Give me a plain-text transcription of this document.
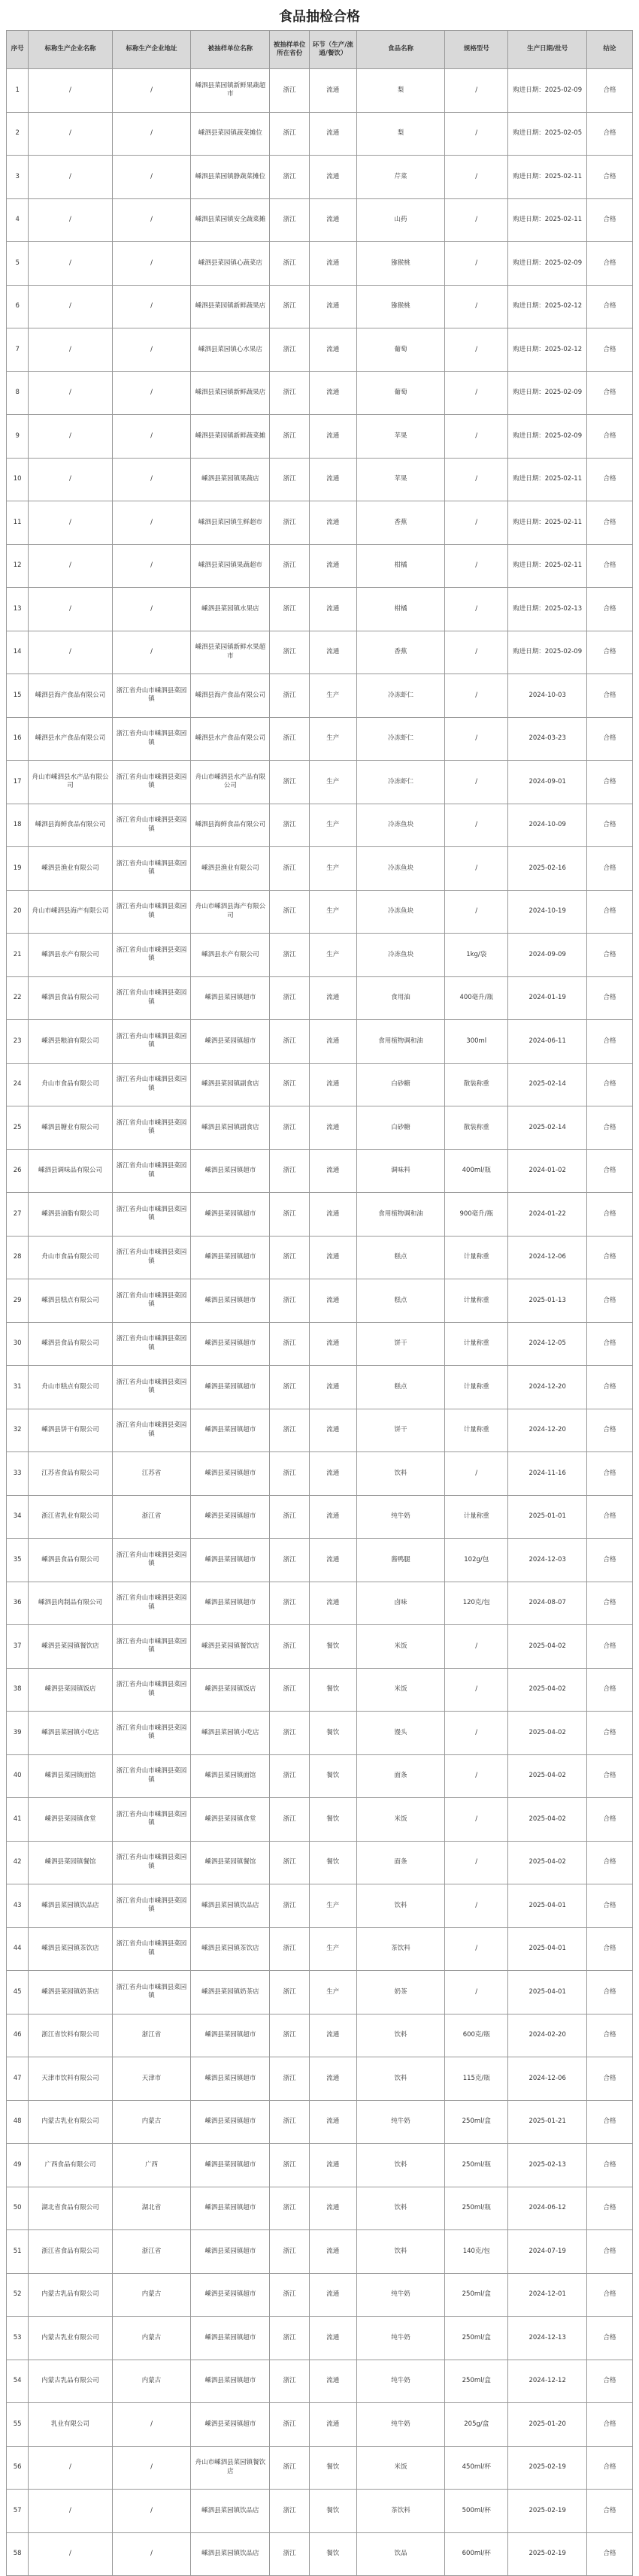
食品抽检合格
序号	标称生产企业名称	标称生产企业地址	被抽样单位名称	被抽样单位所在省份	环节（生产/流通/餐饮）	食品名称	规格型号	生产日期/批号	结论
1	/	/	嵊泗县菜园镇新鲜果蔬超市	浙江	流通	梨	/	购进日期：2025-02-09	合格
2	/	/	嵊泗县菜园镇蔬菜摊位	浙江	流通	梨	/	购进日期：2025-02-05	合格
3	/	/	嵊泗县菜园镇静蔬菜摊位	浙江	流通	芹菜	/	购进日期：2025-02-11	合格
4	/	/	嵊泗县菜园镇安全蔬菜摊	浙江	流通	山药	/	购进日期：2025-02-11	合格
5	/	/	嵊泗县菜园镇心蔬菜店	浙江	流通	猕猴桃	/	购进日期：2025-02-09	合格
6	/	/	嵊泗县菜园镇新鲜蔬果店	浙江	流通	猕猴桃	/	购进日期：2025-02-12	合格
7	/	/	嵊泗县菜园镇心水果店	浙江	流通	葡萄	/	购进日期：2025-02-12	合格
8	/	/	嵊泗县菜园镇新鲜蔬果店	浙江	流通	葡萄	/	购进日期：2025-02-09	合格
9	/	/	嵊泗县菜园镇新鲜蔬菜摊	浙江	流通	苹果	/	购进日期：2025-02-09	合格
10	/	/	嵊泗县菜园镇果蔬店	浙江	流通	苹果	/	购进日期：2025-02-11	合格
11	/	/	嵊泗县菜园镇生鲜超市	浙江	流通	香蕉	/	购进日期：2025-02-11	合格
12	/	/	嵊泗县菜园镇果蔬超市	浙江	流通	柑橘	/	购进日期：2025-02-11	合格
13	/	/	嵊泗县菜园镇水果店	浙江	流通	柑橘	/	购进日期：2025-02-13	合格
14	/	/	嵊泗县菜园镇新鲜水果超市	浙江	流通	香蕉	/	购进日期：2025-02-09	合格
15	嵊泗县海产食品有限公司	浙江省舟山市嵊泗县菜园镇	嵊泗县海产食品有限公司	浙江	生产	冷冻虾仁	/	2024-10-03	合格
16	嵊泗县水产食品有限公司	浙江省舟山市嵊泗县菜园镇	嵊泗县水产食品有限公司	浙江	生产	冷冻虾仁	/	2024-03-23	合格
17	舟山市嵊泗县水产品有限公司	浙江省舟山市嵊泗县菜园镇	舟山市嵊泗县水产品有限公司	浙江	生产	冷冻虾仁	/	2024-09-01	合格
18	嵊泗县海鲜食品有限公司	浙江省舟山市嵊泗县菜园镇	嵊泗县海鲜食品有限公司	浙江	生产	冷冻鱼块	/	2024-10-09	合格
19	嵊泗县渔业有限公司	浙江省舟山市嵊泗县菜园镇	嵊泗县渔业有限公司	浙江	生产	冷冻鱼块	/	2025-02-16	合格
20	舟山市嵊泗县海产有限公司	浙江省舟山市嵊泗县菜园镇	舟山市嵊泗县海产有限公司	浙江	生产	冷冻鱼块	/	2024-10-19	合格
21	嵊泗县水产有限公司	浙江省舟山市嵊泗县菜园镇	嵊泗县水产有限公司	浙江	生产	冷冻鱼块	1kg/袋	2024-09-09	合格
22	嵊泗县食品有限公司	浙江省舟山市嵊泗县菜园镇	嵊泗县菜园镇超市	浙江	流通	食用油	400毫升/瓶	2024-01-19	合格
23	嵊泗县粮油有限公司	浙江省舟山市嵊泗县菜园镇	嵊泗县菜园镇超市	浙江	流通	食用植物调和油	300ml	2024-06-11	合格
24	舟山市食品有限公司	浙江省舟山市嵊泗县菜园镇	嵊泗县菜园镇副食店	浙江	流通	白砂糖	散装称重	2025-02-14	合格
25	嵊泗县糖业有限公司	浙江省舟山市嵊泗县菜园镇	嵊泗县菜园镇副食店	浙江	流通	白砂糖	散装称重	2025-02-14	合格
26	嵊泗县调味品有限公司	浙江省舟山市嵊泗县菜园镇	嵊泗县菜园镇超市	浙江	流通	调味料	400ml/瓶	2024-01-02	合格
27	嵊泗县油脂有限公司	浙江省舟山市嵊泗县菜园镇	嵊泗县菜园镇超市	浙江	流通	食用植物调和油	900毫升/瓶	2024-01-22	合格
28	舟山市食品有限公司	浙江省舟山市嵊泗县菜园镇	嵊泗县菜园镇超市	浙江	流通	糕点	计量称重	2024-12-06	合格
29	嵊泗县糕点有限公司	浙江省舟山市嵊泗县菜园镇	嵊泗县菜园镇超市	浙江	流通	糕点	计量称重	2025-01-13	合格
30	嵊泗县食品有限公司	浙江省舟山市嵊泗县菜园镇	嵊泗县菜园镇超市	浙江	流通	饼干	计量称重	2024-12-05	合格
31	舟山市糕点有限公司	浙江省舟山市嵊泗县菜园镇	嵊泗县菜园镇超市	浙江	流通	糕点	计量称重	2024-12-20	合格
32	嵊泗县饼干有限公司	浙江省舟山市嵊泗县菜园镇	嵊泗县菜园镇超市	浙江	流通	饼干	计量称重	2024-12-20	合格
33	江苏省食品有限公司	江苏省	嵊泗县菜园镇超市	浙江	流通	饮料	/	2024-11-16	合格
34	浙江省乳业有限公司	浙江省	嵊泗县菜园镇超市	浙江	流通	纯牛奶	计量称重	2025-01-01	合格
35	嵊泗县食品有限公司	浙江省舟山市嵊泗县菜园镇	嵊泗县菜园镇超市	浙江	流通	酱鸭腿	102g/包	2024-12-03	合格
36	嵊泗县肉制品有限公司	浙江省舟山市嵊泗县菜园镇	嵊泗县菜园镇超市	浙江	流通	卤味	120克/包	2024-08-07	合格
37	嵊泗县菜园镇餐饮店	浙江省舟山市嵊泗县菜园镇	嵊泗县菜园镇餐饮店	浙江	餐饮	米饭	/	2025-04-02	合格
38	嵊泗县菜园镇饭店	浙江省舟山市嵊泗县菜园镇	嵊泗县菜园镇饭店	浙江	餐饮	米饭	/	2025-04-02	合格
39	嵊泗县菜园镇小吃店	浙江省舟山市嵊泗县菜园镇	嵊泗县菜园镇小吃店	浙江	餐饮	馒头	/	2025-04-02	合格
40	嵊泗县菜园镇面馆	浙江省舟山市嵊泗县菜园镇	嵊泗县菜园镇面馆	浙江	餐饮	面条	/	2025-04-02	合格
41	嵊泗县菜园镇食堂	浙江省舟山市嵊泗县菜园镇	嵊泗县菜园镇食堂	浙江	餐饮	米饭	/	2025-04-02	合格
42	嵊泗县菜园镇餐馆	浙江省舟山市嵊泗县菜园镇	嵊泗县菜园镇餐馆	浙江	餐饮	面条	/	2025-04-02	合格
43	嵊泗县菜园镇饮品店	浙江省舟山市嵊泗县菜园镇	嵊泗县菜园镇饮品店	浙江	生产	饮料	/	2025-04-01	合格
44	嵊泗县菜园镇茶饮店	浙江省舟山市嵊泗县菜园镇	嵊泗县菜园镇茶饮店	浙江	生产	茶饮料	/	2025-04-01	合格
45	嵊泗县菜园镇奶茶店	浙江省舟山市嵊泗县菜园镇	嵊泗县菜园镇奶茶店	浙江	生产	奶茶	/	2025-04-01	合格
46	浙江省饮料有限公司	浙江省	嵊泗县菜园镇超市	浙江	流通	饮料	600克/瓶	2024-02-20	合格
47	天津市饮料有限公司	天津市	嵊泗县菜园镇超市	浙江	流通	饮料	115克/瓶	2024-12-06	合格
48	内蒙古乳业有限公司	内蒙古	嵊泗县菜园镇超市	浙江	流通	纯牛奶	250ml/盒	2025-01-21	合格
49	广西食品有限公司	广西	嵊泗县菜园镇超市	浙江	流通	饮料	250ml/瓶	2025-02-13	合格
50	湖北省食品有限公司	湖北省	嵊泗县菜园镇超市	浙江	流通	饮料	250ml/瓶	2024-06-12	合格
51	浙江省食品有限公司	浙江省	嵊泗县菜园镇超市	浙江	流通	饮料	140克/包	2024-07-19	合格
52	内蒙古乳品有限公司	内蒙古	嵊泗县菜园镇超市	浙江	流通	纯牛奶	250ml/盒	2024-12-01	合格
53	内蒙古乳业有限公司	内蒙古	嵊泗县菜园镇超市	浙江	流通	纯牛奶	250ml/盒	2024-12-13	合格
54	内蒙古乳品有限公司	内蒙古	嵊泗县菜园镇超市	浙江	流通	纯牛奶	250ml/盒	2024-12-12	合格
55	乳业有限公司	/	嵊泗县菜园镇超市	浙江	流通	纯牛奶	205g/盒	2025-01-20	合格
56	/	/	舟山市嵊泗县菜园镇餐饮店	浙江	餐饮	米饭	450ml/杯	2025-02-19	合格
57	/	/	嵊泗县菜园镇饮品店	浙江	餐饮	茶饮料	500ml/杯	2025-02-19	合格
58	/	/	嵊泗县菜园镇饮品店	浙江	餐饮	饮品	600ml/杯	2025-02-19	合格
